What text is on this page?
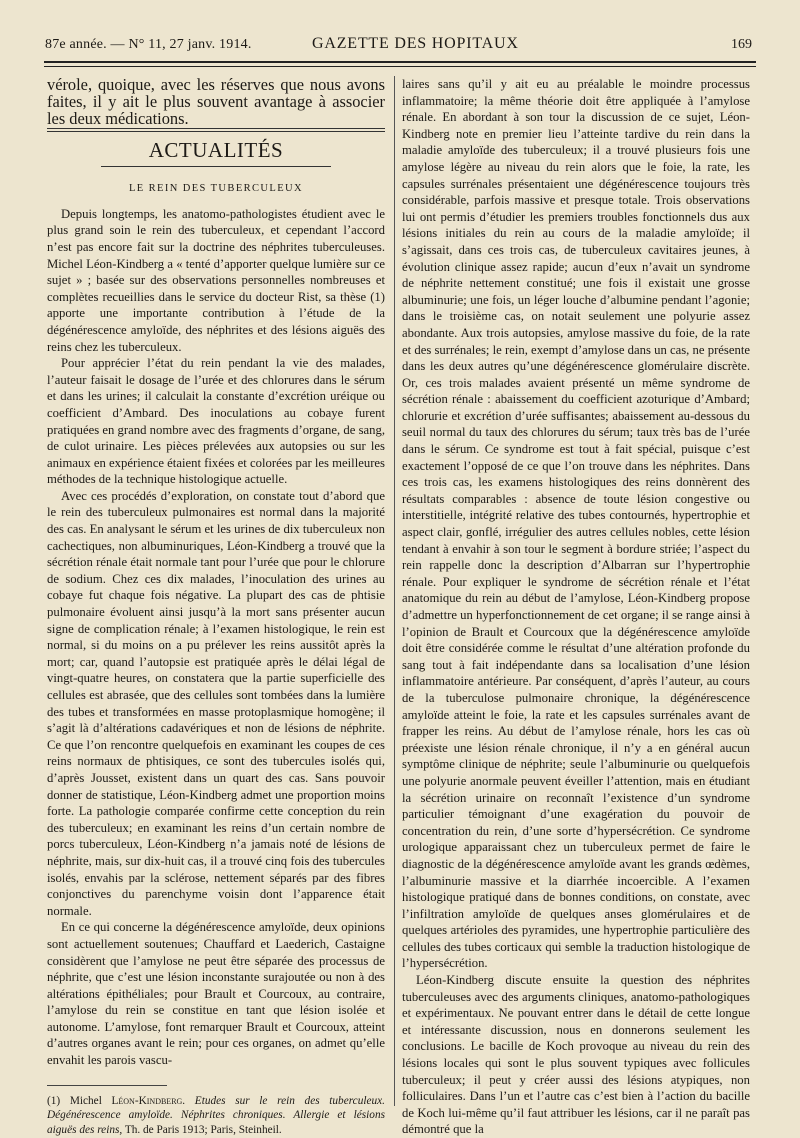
87e année. — N° 11, 27 janv. 1914.	GAZETTE DES HOPITAUX	169

vérole, quoique, avec les réserves que nous avons faites, il y ait le plus souvent avantage à associer les deux médications.

ACTUALITÉS
LE REIN DES TUBERCULEUX

Depuis longtemps, les anatomo-pathologistes étudient avec le plus grand soin le rein des tuberculeux, et cependant l’accord n’est pas encore fait sur la doctrine des néphrites tuberculeuses. Michel Léon-Kindberg a « tenté d’apporter quelque lumière sur ce sujet » ; basée sur des observations personnelles nombreuses et complètes recueillies dans le service du docteur Rist, sa thèse (1) apporte une importante contribution à l’étude de la dégénérescence amyloïde, des néphrites et des lésions aiguës des reins chez les tuberculeux.

Pour apprécier l’état du rein pendant la vie des malades, l’auteur faisait le dosage de l’urée et des chlorures dans le sérum et dans les urines; il calculait la constante d’excrétion uréique ou coefficient d’Ambard. Des inoculations au cobaye furent pratiquées en grand nombre avec des fragments d’organe, de sang, de culot urinaire. Les pièces prélevées aux autopsies ou sur les animaux en expérience étaient fixées et colorées par les meilleures méthodes de la technique histologique actuelle.

Avec ces procédés d’exploration, on constate tout d’abord que le rein des tuberculeux pulmonaires est normal dans la majorité des cas. En analysant le sérum et les urines de dix tuberculeux non cachectiques, non albuminuriques, Léon-Kindberg a trouvé que la sécrétion rénale était normale tant pour l’urée que pour le chlorure de sodium. Chez ces dix malades, l’inoculation des urines au cobaye fut chaque fois négative. La plupart des cas de phtisie pulmonaire évoluent ainsi jusqu’à la mort sans présenter aucun signe de complication rénale; à l’examen histologique, le rein est normal, si du moins on a pu prélever les reins aussitôt après la mort; car, quand l’autopsie est pratiquée après le délai légal de vingt-quatre heures, on constatera que la partie superficielle des cellules est abrasée, que des cellules sont tombées dans la lumière des tubes et transformées en masse protoplasmique homogène; il s’agit là d’altérations cadavériques et non de lésions de néphrite. Ce que l’on rencontre quelquefois en examinant les coupes de ces reins normaux de phtisiques, ce sont des tubercules isolés qui, d’après Jousset, existent dans un quart des cas. Sans pouvoir donner de statistique, Léon-Kindberg admet une proportion moins forte. La pathologie comparée confirme cette conception du rein des tuberculeux; en examinant les reins d’un certain nombre de porcs tuberculeux, Léon-Kindberg n’a jamais noté de lésions de néphrite, mais, sur dix-huit cas, il a trouvé cinq fois des tubercules isolés, envahis par la sclérose, nettement séparés par des fibres conjonctives du parenchyme voisin dont l’apparence était normale.

En ce qui concerne la dégénérescence amyloïde, deux opinions sont actuellement soutenues; Chauffard et Laederich, Castaigne considèrent que l’amylose ne peut être séparée des processus de néphrite, que c’est une lésion inconstante surajoutée ou non à des altérations épithéliales; pour Brault et Courcoux, au contraire, l’amylose du rein se constitue en tant que lésion isolée et autonome. L’amylose, font remarquer Brault et Courcoux, atteint d’autres organes avant le rein; pour ces organes, on admet qu’elle envahit les parois vascu-

(1) Michel Léon-Kindberg. Etudes sur le rein des tuberculeux. Dégénérescence amyloïde. Néphrites chroniques. Allergie et lésions aiguës des reins, Th. de Paris 1913; Paris, Steinheil.

laires sans qu’il y ait eu au préalable le moindre processus inflammatoire; la même théorie doit être appliquée à l’amylose rénale. En abordant à son tour la discussion de ce sujet, Léon-Kindberg note en premier lieu l’atteinte tardive du rein dans la maladie amyloïde des tuberculeux; il a trouvé plusieurs fois une amylose légère au niveau du rein alors que le foie, la rate, les capsules surrénales présentaient une dégénérescence toujours très considérable, parfois massive et presque totale. Trois observations lui ont permis d’étudier les premiers troubles fonctionnels dus aux lésions initiales du rein au cours de la maladie amyloïde; il s’agissait, dans ces trois cas, de tuberculeux cavitaires jeunes, à évolution clinique assez rapide; aucun d’eux n’avait un syndrome de néphrite nettement constitué; une fois il existait une grosse albuminurie; une fois, un léger louche d’albumine pendant l’agonie; dans le troisième cas, on notait seulement une polyurie assez abondante. Aux trois autopsies, amylose massive du foie, de la rate et des surrénales; le rein, exempt d’amylose dans un cas, ne présente dans les deux autres qu’une dégénérescence glomérulaire discrète. Or, ces trois malades avaient présenté un même syndrome de sécrétion rénale : abaissement du coefficient azoturique d’Ambard; chlorurie et excrétion d’urée suffisantes; abaissement au-dessous du seuil normal du taux des chlorures du sérum; taux très bas de l’urée dans le sérum. Ce syndrome est tout à fait spécial, puisque c’est exactement l’opposé de ce que l’on trouve dans les néphrites. Dans ces trois cas, les examens histologiques des reins donnèrent des résultats comparables : absence de toute lésion congestive ou interstitielle, intégrité relative des tubes contournés, hypertrophie et aspect clair, gonflé, irrégulier des autres cellules nobles, cette lésion tendant à envahir à son tour le segment à bordure striée; l’aspect du rein rappelle donc la description d’Albarran sur l’hypertrophie rénale. Pour expliquer le syndrome de sécrétion rénale et l’état anatomique du rein au début de l’amylose, Léon-Kindberg propose d’admettre un hyperfonctionnement de cet organe; il se range ainsi à l’opinion de Brault et Courcoux que la dégénérescence amyloïde doit être considérée comme le résultat d’une altération profonde du sang tout à fait indépendante dans sa localisation d’une lésion inflammatoire antérieure. Par conséquent, d’après l’auteur, au cours de la tuberculose pulmonaire chronique, la dégénérescence amyloïde atteint le foie, la rate et les capsules surrénales avant de frapper les reins. Au début de l’amylose rénale, hors les cas où préexiste une lésion rénale chronique, il n’y a en général aucun symptôme clinique de néphrite; seule l’albuminurie ou quelquefois une polyurie anormale peuvent éveiller l’attention, mais en étudiant la sécrétion urinaire on reconnaît l’existence d’un syndrome particulier témoignant d’une exagération du pouvoir de concentration du rein, d’une sorte d’hypersécrétion. Ce syndrome urologique apparaissant chez un tuberculeux permet de faire le diagnostic de la dégénérescence amyloïde avant les grands œdèmes, l’albuminurie massive et la diarrhée incoercible. A l’examen histologique pratiqué dans de bonnes conditions, on constate, avec l’infiltration amyloïde de quelques anses glomérulaires et de quelques artérioles des pyramides, une hypertrophie particulière des cellules des tubes corticaux qui semble la traduction histologique de l’hypersécrétion.

Léon-Kindberg discute ensuite la question des néphrites tuberculeuses avec des arguments cliniques, anatomo-pathologiques et expérimentaux. Ne pouvant entrer dans le détail de cette longue et intéressante discussion, nous en donnerons seulement les conclusions. Le bacille de Koch provoque au niveau du rein des lésions locales qui sont le plus souvent typiques avec follicules tuberculeux; il peut y créer aussi des lésions atypiques, non folliculaires. Dans l’un et l’autre cas c’est bien à l’action du bacille de Koch lui-même qu’il faut attribuer les lésions, car il ne paraît pas démontré que la
